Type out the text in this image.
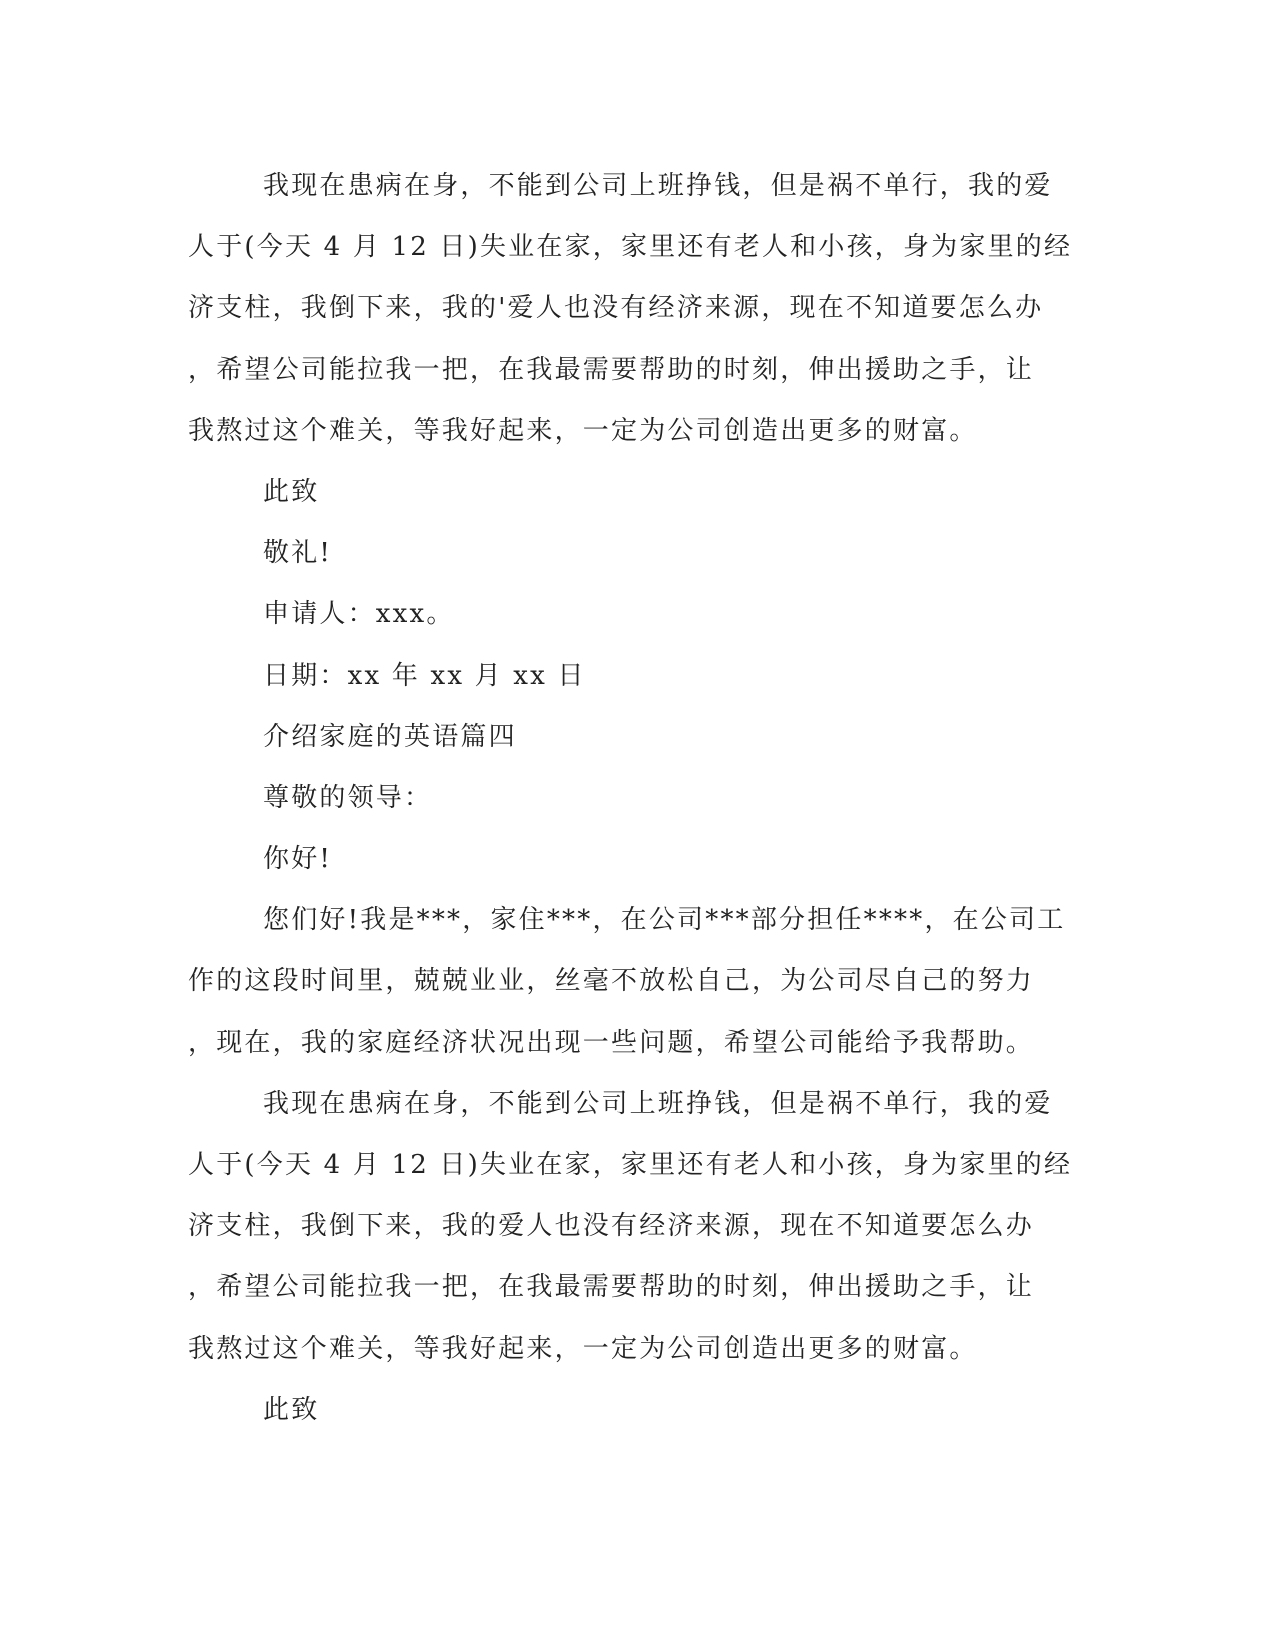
我现在患病在身，不能到公司上班挣钱，但是祸不单行，我的爱
人于(今天 4 月 12 日)失业在家，家里还有老人和小孩，身为家里的经
济支柱，我倒下来，我的'爱人也没有经济来源，现在不知道要怎么办
，希望公司能拉我一把，在我最需要帮助的时刻，伸出援助之手，让
我熬过这个难关，等我好起来，一定为公司创造出更多的财富。
此致
敬礼!
申请人：xxx。
日期：xx 年 xx 月 xx 日
介绍家庭的英语篇四
尊敬的领导：
你好!
您们好!我是***，家住***，在公司***部分担任****，在公司工
作的这段时间里，兢兢业业，丝毫不放松自己，为公司尽自己的努力
，现在，我的家庭经济状况出现一些问题，希望公司能给予我帮助。
我现在患病在身，不能到公司上班挣钱，但是祸不单行，我的爱
人于(今天 4 月 12 日)失业在家，家里还有老人和小孩，身为家里的经
济支柱，我倒下来，我的爱人也没有经济来源，现在不知道要怎么办
，希望公司能拉我一把，在我最需要帮助的时刻，伸出援助之手，让
我熬过这个难关，等我好起来，一定为公司创造出更多的财富。
此致
